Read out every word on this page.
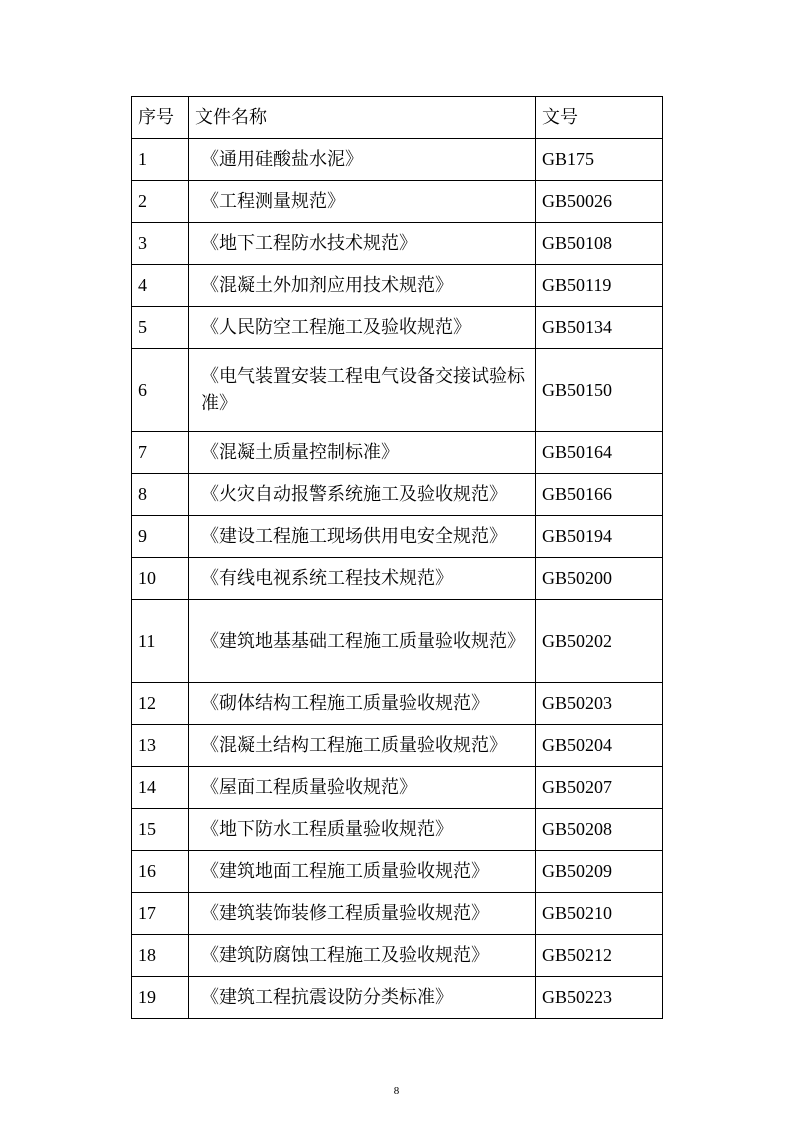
序号	文件名称	文号
1	《通用硅酸盐水泥》	GB175
2	《工程测量规范》	GB50026
3	《地下工程防水技术规范》	GB50108
4	《混凝土外加剂应用技术规范》	GB50119
5	《人民防空工程施工及验收规范》	GB50134
6	《电气装置安装工程电气设备交接试验标准》	GB50150
7	《混凝土质量控制标准》	GB50164
8	《火灾自动报警系统施工及验收规范》	GB50166
9	《建设工程施工现场供用电安全规范》	GB50194
10	《有线电视系统工程技术规范》	GB50200
11	《建筑地基基础工程施工质量验收规范》	GB50202
12	《砌体结构工程施工质量验收规范》	GB50203
13	《混凝土结构工程施工质量验收规范》	GB50204
14	《屋面工程质量验收规范》	GB50207
15	《地下防水工程质量验收规范》	GB50208
16	《建筑地面工程施工质量验收规范》	GB50209
17	《建筑装饰装修工程质量验收规范》	GB50210
18	《建筑防腐蚀工程施工及验收规范》	GB50212
19	《建筑工程抗震设防分类标准》	GB50223
8
